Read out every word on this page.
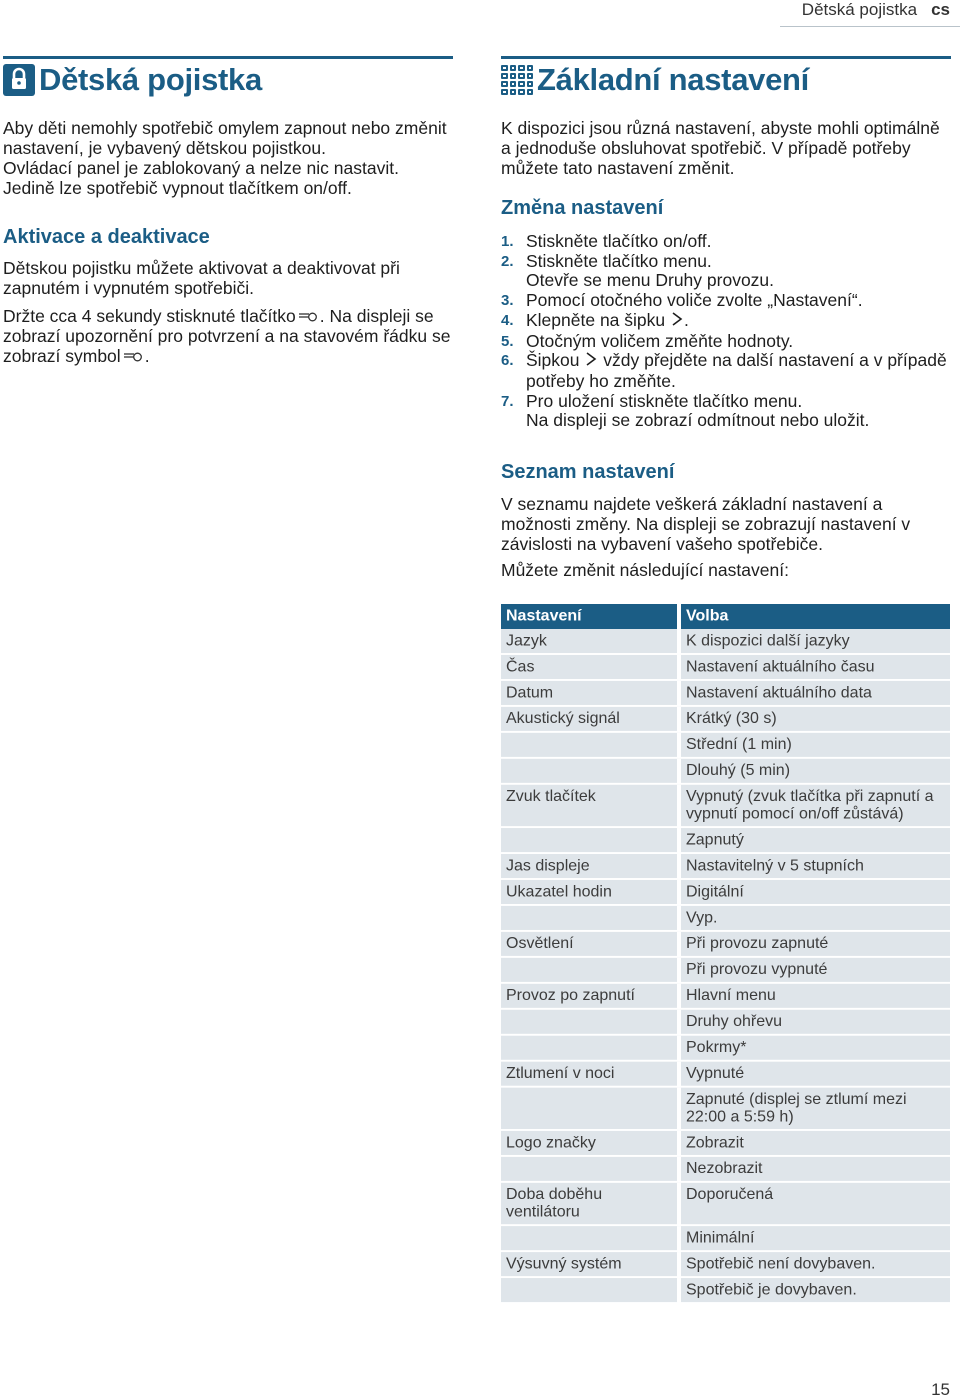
Dětská pojistka cs
Dětská pojistka

Aby děti nemohly spotřebič omylem zapnout nebo změnit nastavení, je vybavený dětskou pojistkou.

Ovládací panel je zablokovaný a nelze nic nastavit. Jedině lze spotřebič vypnout tlačítkem on/off.

Aktivace a deaktivace

Dětskou pojistku můžete aktivovat a deaktivovat při zapnutém i vypnutém spotřebiči.

Držte cca 4 sekundy stisknuté tlačítko . Na displeji se zobrazí upozornění pro potvrzení a na stavovém řádku se zobrazí symbol .

Základní nastavení

K dispozici jsou různá nastavení, abyste mohli optimálně a jednoduše obsluhovat spotřebič. V případě potřeby můžete tato nastavení změnit.

Změna nastavení
1. Stiskněte tlačítko on/off.
2. Stiskněte tlačítko menu.
Otevře se menu Druhy provozu.
3. Pomocí otočného voliče zvolte „Nastavení“.
4. Klepněte na šipku .
5. Otočným voličem změňte hodnoty.
6. Šipkou vždy přejděte na další nastavení a v případě potřeby ho změňte.
7. Pro uložení stiskněte tlačítko menu.
Na displeji se zobrazí odmítnout nebo uložit.
Seznam nastavení

V seznamu najdete veškerá základní nastavení a možnosti změny. Na displeji se zobrazují nastavení v závislosti na vybavení vašeho spotřebiče.

Můžete změnit následující nastavení:

Nastavení	Volba
Jazyk	K dispozici další jazyky
Čas	Nastavení aktuálního času
Datum	Nastavení aktuálního data
Akustický signál	Krátký (30 s)
	Střední (1 min)
	Dlouhý (5 min)
Zvuk tlačítek	Vypnutý (zvuk tlačítka při zapnutí a vypnutí pomocí on/off zůstává)
	Zapnutý
Jas displeje	Nastavitelný v 5 stupních
Ukazatel hodin	Digitální
	Vyp.
Osvětlení	Při provozu zapnuté
	Při provozu vypnuté
Provoz po zapnutí	Hlavní menu
	Druhy ohřevu
	Pokrmy*
Ztlumení v noci	Vypnuté
	Zapnuté (displej se ztlumí mezi 22:00 a 5:59 h)
Logo značky	Zobrazit
	Nezobrazit
Doba doběhu ventilátoru	Doporučená
	Minimální
Výsuvný systém	Spotřebič není dovybaven.
	Spotřebič je dovybaven.
15
